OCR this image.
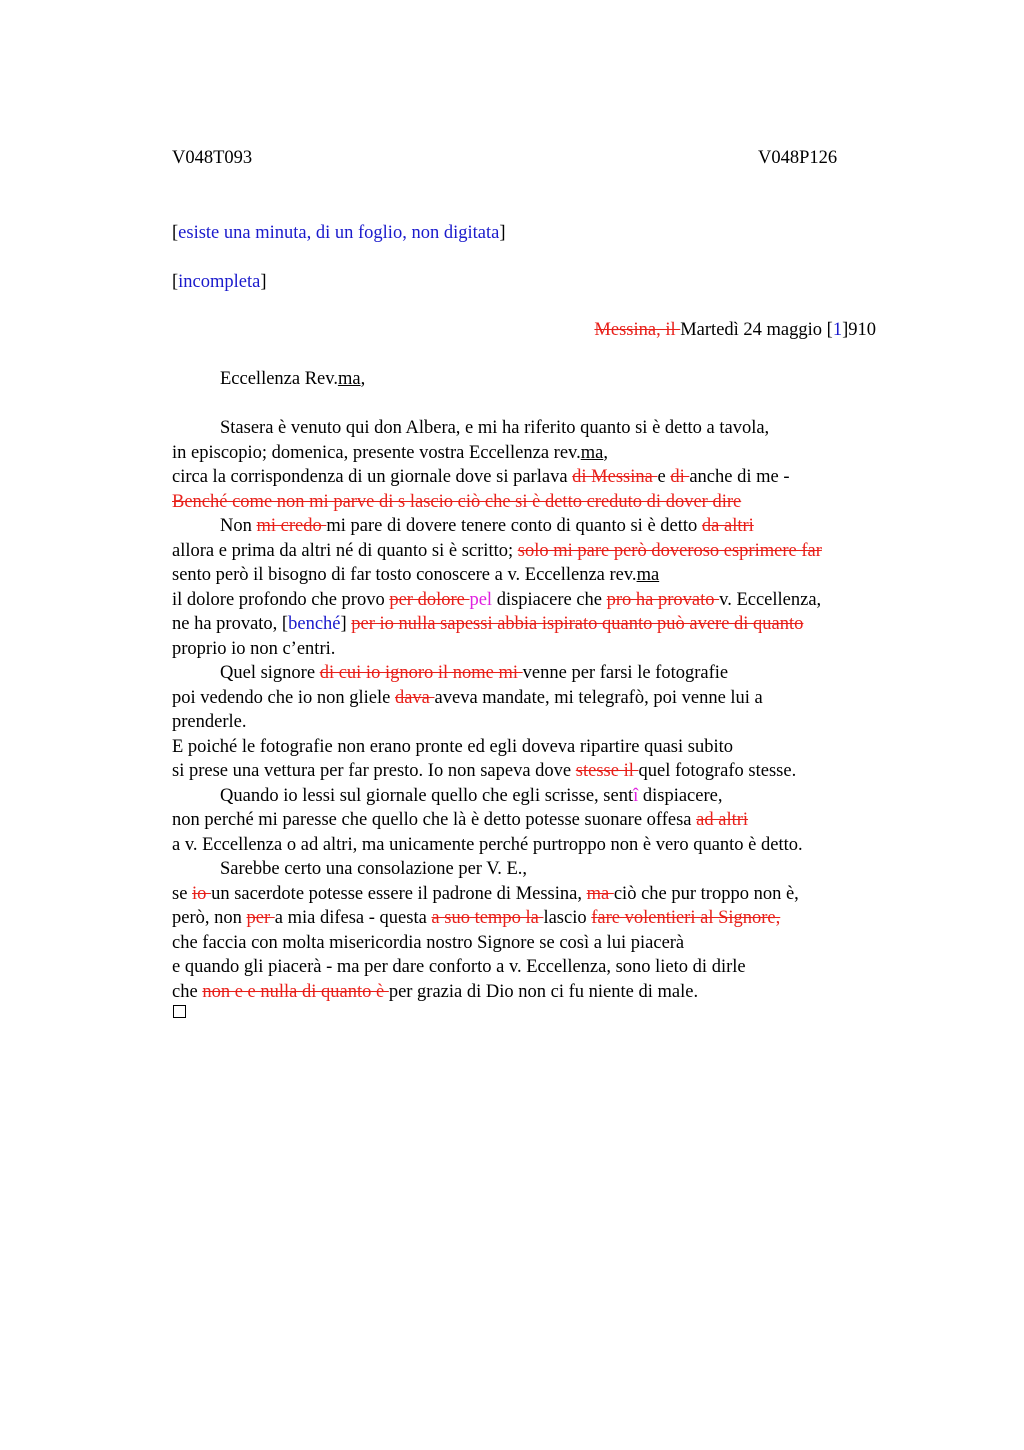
V048T093	V048P126
[esiste una minuta, di un foglio, non digitata]
[incompleta]
Messina, il Martedì 24 maggio [1]910
Eccellenza Rev.ma,
Stasera è venuto qui don Albera, e mi ha riferito quanto si è detto a tavola,
in episcopio; domenica, presente vostra Eccellenza rev.ma,
circa la corrispondenza di un giornale dove si parlava di Messina e di anche di me -
Benché come non mi parve di s lascio ciò che si è detto creduto di dover dire
Non mi credo mi pare di dovere tenere conto di quanto si è detto da altri
allora e prima da altri né di quanto si è scritto; solo mi pare però doveroso esprimere far
sento però il bisogno di far tosto conoscere a v. Eccellenza rev.ma
il dolore profondo che provo per dolore pel dispiacere che pro ha provato v. Eccellenza,
ne ha provato, [benché] per io nulla sapessi abbia ispirato quanto può avere di quanto
proprio io non c’entri.
Quel signore di cui io ignoro il nome mi venne per farsi le fotografie
poi vedendo che io non gliele dava aveva mandate, mi telegrafò, poi venne lui a
prenderle.
E poiché le fotografie non erano pronte ed egli doveva ripartire quasi subito
si prese una vettura per far presto. Io non sapeva dove stesse il quel fotografo stesse.
Quando io lessi sul giornale quello che egli scrisse, sentî dispiacere,
non perché mi paresse che quello che là è detto potesse suonare offesa ad altri
a v. Eccellenza o ad altri, ma unicamente perché purtroppo non è vero quanto è detto.
Sarebbe certo una consolazione per V. E.,
se io un sacerdote potesse essere il padrone di Messina, ma ciò che pur troppo non è,
però, non per a mia difesa - questa a suo tempo la lascio fare volentieri al Signore,
che faccia con molta misericordia nostro Signore se così a lui piacerà
e quando gli piacerà - ma per dare conforto a v. Eccellenza, sono lieto di dirle
che non e e nulla di quanto è per grazia di Dio non ci fu niente di male.
